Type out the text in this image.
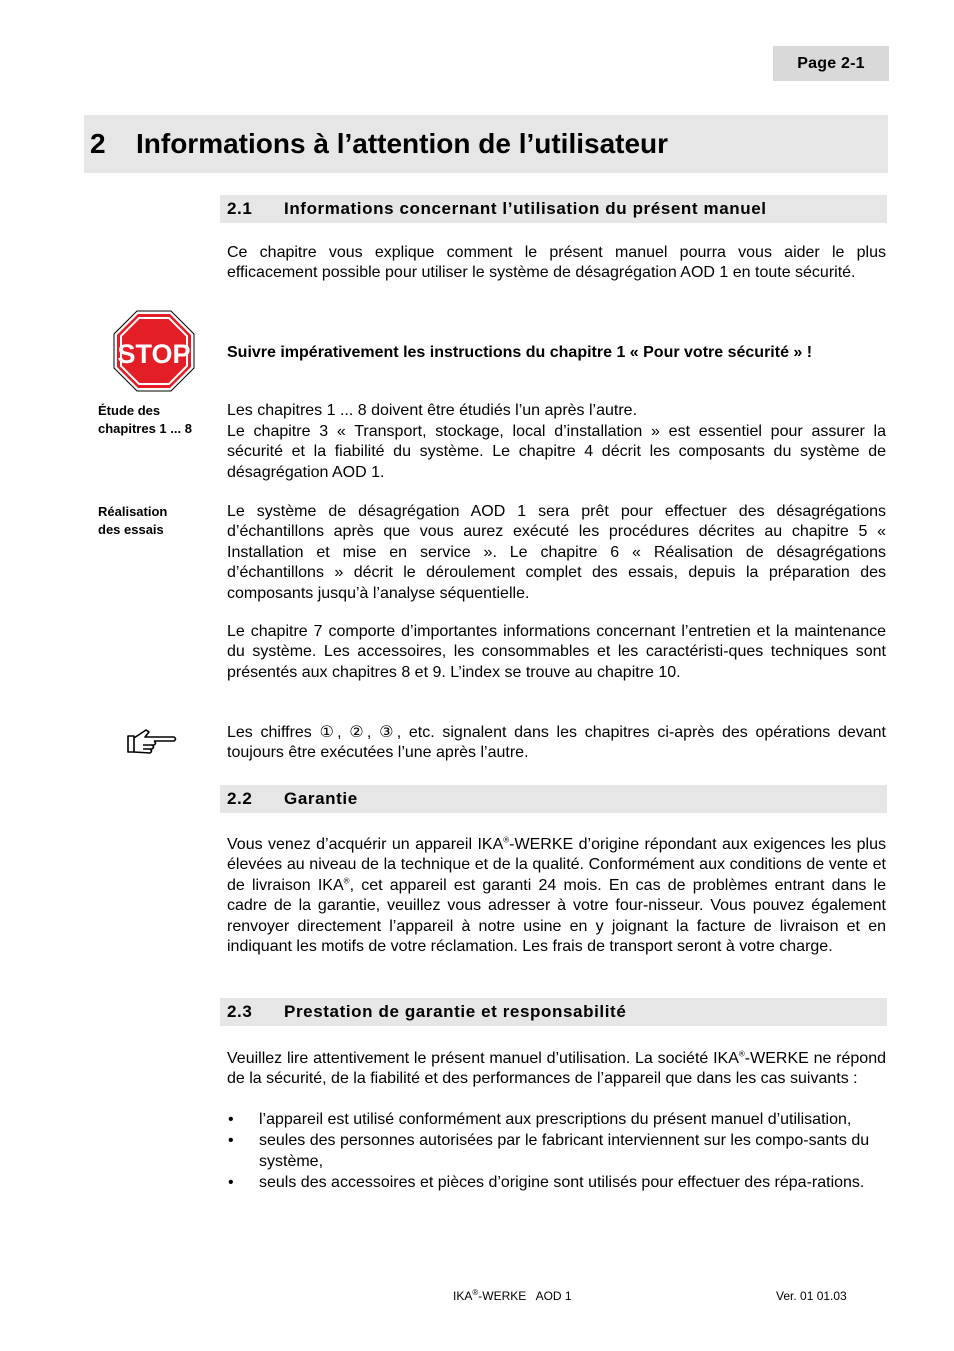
Page 2-1
2	Informations à l’attention de l’utilisateur
2.1	Informations concernant l’utilisation du présent manuel
Ce chapitre vous explique comment le présent manuel pourra vous aider le plus efficacement possible pour utiliser le système de désagrégation AOD 1 en toute sécurité.
STOP Suivre impérativement les instructions du chapitre 1 « Pour votre sécurité » !
Étude des chapitres 1 ... 8
Les chapitres 1 ... 8 doivent être étudiés l’un après l’autre.
Le chapitre 3 « Transport, stockage, local d’installation » est essentiel pour assurer la sécurité et la fiabilité du système. Le chapitre 4 décrit les composants du système de désagrégation AOD 1.
Réalisation des essais
Le système de désagrégation AOD 1 sera prêt pour effectuer des désagrégations d’échantillons après que vous aurez exécuté les procédures décrites au chapitre 5 « Installation et mise en service ». Le chapitre 6 « Réalisation de désagrégations d’échantillons » décrit le déroulement complet des essais, depuis la préparation des composants jusqu’à l’analyse séquentielle.
Le chapitre 7 comporte d’importantes informations concernant l’entretien et la maintenance du système. Les accessoires, les consommables et les caractéristi-ques techniques sont présentés aux chapitres 8 et 9. L’index se trouve au chapitre 10.
Les chiffres ①, ②, ③, etc. signalent dans les chapitres ci-après des opérations devant toujours être exécutées l’une après l’autre.
2.2	Garantie
Vous venez d’acquérir un appareil IKA®-WERKE d’origine répondant aux exigences les plus élevées au niveau de la technique et de la qualité. Conformément aux conditions de vente et de livraison IKA®, cet appareil est garanti 24 mois. En cas de problèmes entrant dans le cadre de la garantie, veuillez vous adresser à votre four-nisseur. Vous pouvez également renvoyer directement l’appareil à notre usine en y joignant la facture de livraison et en indiquant les motifs de votre réclamation. Les frais de transport seront à votre charge.
2.3	Prestation de garantie et responsabilité
Veuillez lire attentivement le présent manuel d’utilisation. La société IKA®-WERKE ne répond de la sécurité, de la fiabilité et des performances de l’appareil que dans les cas suivants :
• l’appareil est utilisé conformément aux prescriptions du présent manuel d’utilisation,
• seules des personnes autorisées par le fabricant interviennent sur les compo-sants du système,
• seuls des accessoires et pièces d’origine sont utilisés pour effectuer des répa-rations.
IKA®-WERKE   AOD 1	Ver. 01 01.03
